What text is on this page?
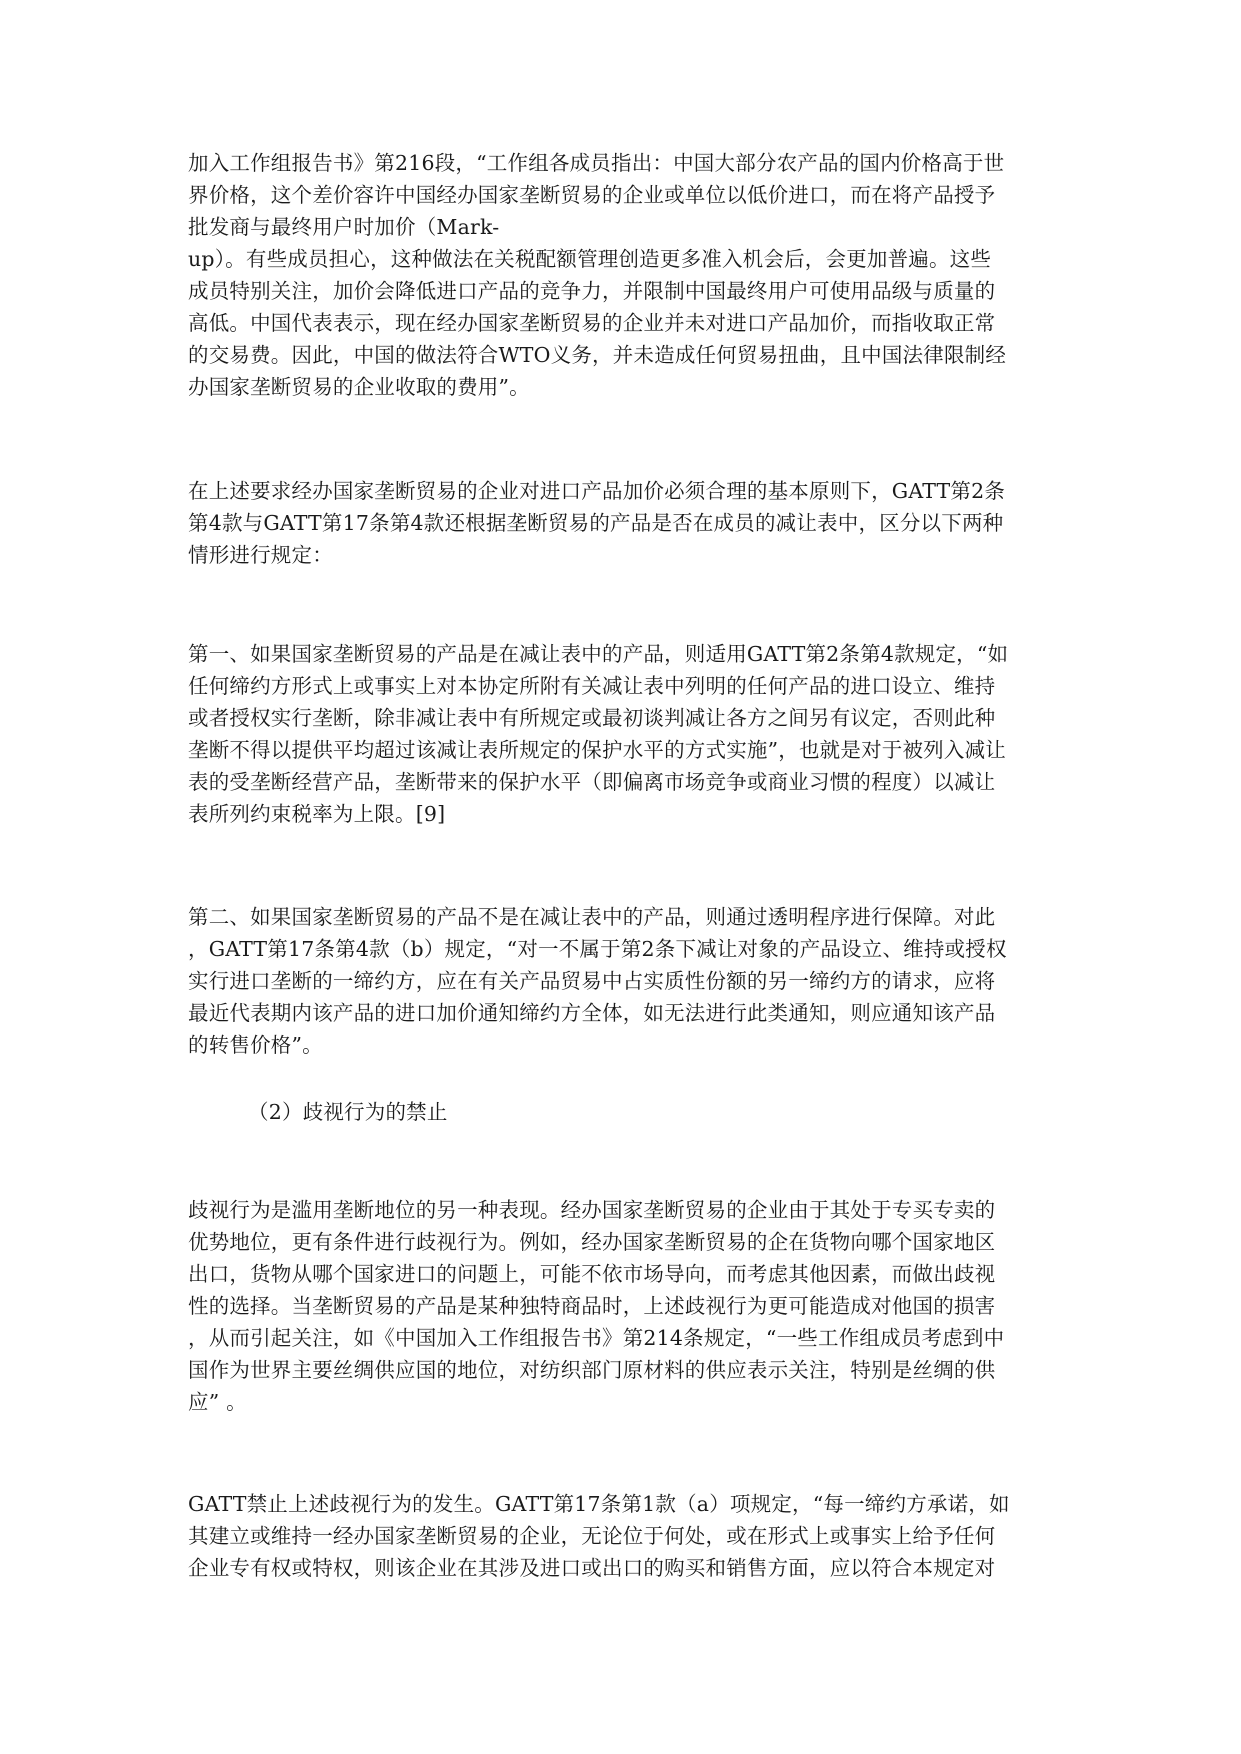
加入工作组报告书》第216段，“工作组各成员指出：中国大部分农产品的国内价格高于世
界价格，这个差价容许中国经办国家垄断贸易的企业或单位以低价进口，而在将产品授予
批发商与最终用户时加价（Mark-
up）。有些成员担心，这种做法在关税配额管理创造更多准入机会后，会更加普遍。这些
成员特别关注，加价会降低进口产品的竞争力，并限制中国最终用户可使用品级与质量的
高低。中国代表表示，现在经办国家垄断贸易的企业并未对进口产品加价，而指收取正常
的交易费。因此，中国的做法符合WTO义务，并未造成任何贸易扭曲，且中国法律限制经
办国家垄断贸易的企业收取的费用”。
在上述要求经办国家垄断贸易的企业对进口产品加价必须合理的基本原则下，GATT第2条
第4款与GATT第17条第4款还根据垄断贸易的产品是否在成员的减让表中，区分以下两种
情形进行规定：
第一、如果国家垄断贸易的产品是在减让表中的产品，则适用GATT第2条第4款规定，“如
任何缔约方形式上或事实上对本协定所附有关减让表中列明的任何产品的进口设立、维持
或者授权实行垄断，除非减让表中有所规定或最初谈判减让各方之间另有议定，否则此种
垄断不得以提供平均超过该减让表所规定的保护水平的方式实施”，也就是对于被列入减让
表的受垄断经营产品，垄断带来的保护水平（即偏离市场竞争或商业习惯的程度）以减让
表所列约束税率为上限。[9]
第二、如果国家垄断贸易的产品不是在减让表中的产品，则通过透明程序进行保障。对此
，GATT第17条第4款（b）规定，“对一不属于第2条下减让对象的产品设立、维持或授权
实行进口垄断的一缔约方，应在有关产品贸易中占实质性份额的另一缔约方的请求，应将
最近代表期内该产品的进口加价通知缔约方全体，如无法进行此类通知，则应通知该产品
的转售价格”。
（2）歧视行为的禁止
歧视行为是滥用垄断地位的另一种表现。经办国家垄断贸易的企业由于其处于专买专卖的
优势地位，更有条件进行歧视行为。例如，经办国家垄断贸易的企在货物向哪个国家地区
出口，货物从哪个国家进口的问题上，可能不依市场导向，而考虑其他因素，而做出歧视
性的选择。当垄断贸易的产品是某种独特商品时，上述歧视行为更可能造成对他国的损害
，从而引起关注，如《中国加入工作组报告书》第214条规定，“一些工作组成员考虑到中
国作为世界主要丝绸供应国的地位，对纺织部门原材料的供应表示关注，特别是丝绸的供
应” 。
GATT禁止上述歧视行为的发生。GATT第17条第1款（a）项规定，“每一缔约方承诺，如
其建立或维持一经办国家垄断贸易的企业，无论位于何处，或在形式上或事实上给予任何
企业专有权或特权，则该企业在其涉及进口或出口的购买和销售方面，应以符合本规定对
